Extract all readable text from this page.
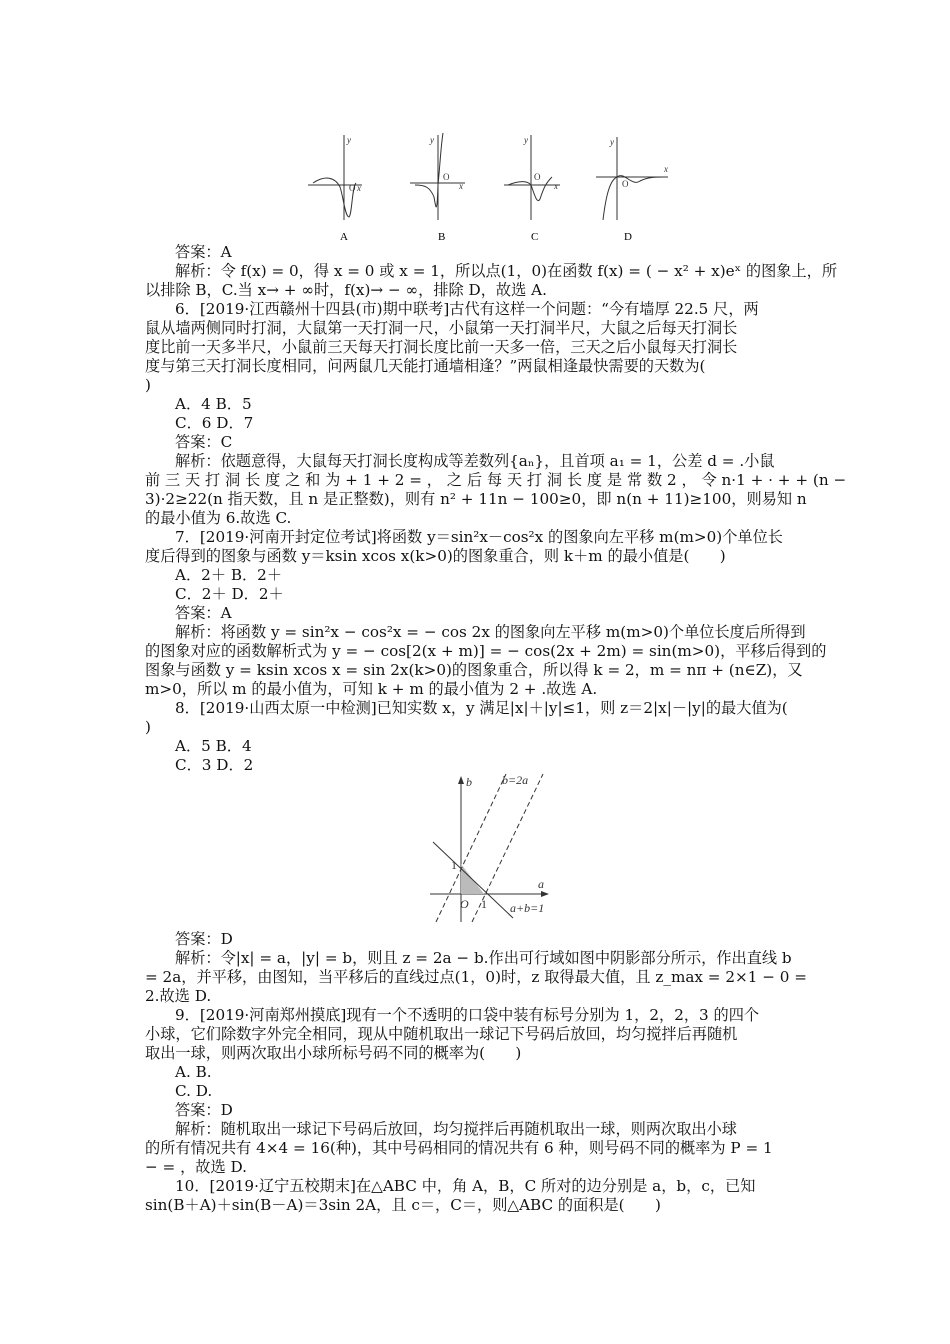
O x
y
O
x
y
O
x
y
O
x
y
A	B	C	D
答案：A
解析：令 f(x) = 0，得 x = 0 或 x = 1，所以点(1，0)在函数 f(x) = ( − x² + x)eˣ 的图象上，所
以排除 B，C.当 x→ + ∞时，f(x)→ − ∞，排除 D，故选 A.
6．[2019·江西赣州十四县(市)期中联考]古代有这样一个问题：“今有墙厚 22.5 尺，两
鼠从墙两侧同时打洞，大鼠第一天打洞一尺，小鼠第一天打洞半尺，大鼠之后每天打洞长
度比前一天多半尺，小鼠前三天每天打洞长度比前一天多一倍，三天之后小鼠每天打洞长
度与第三天打洞长度相同，问两鼠几天能打通墙相逢？”两鼠相逢最快需要的天数为(
)
A．4 B．5
C．6 D．7
答案：C
解析：依题意得，大鼠每天打洞长度构成等差数列{aₙ}，且首项 a₁ = 1，公差 d = .小鼠
前 三 天 打 洞 长 度 之 和 为 + 1 + 2 = ， 之 后 每 天 打 洞 长 度 是 常 数 2 ， 令 n·1 + · + + (n −
3)·2≥22(n 指天数，且 n 是正整数)，则有 n² + 11n − 100≥0，即 n(n + 11)≥100，则易知 n
的最小值为 6.故选 C.
7．[2019·河南开封定位考试]将函数 y＝sin²x－cos²x 的图象向左平移 m(m>0)个单位长
度后得到的图象与函数 y＝ksin xcos x(k>0)的图象重合，则 k＋m 的最小值是(　　)
A．2＋ B．2＋
C．2＋ D．2＋
答案：A
解析：将函数 y = sin²x − cos²x = − cos 2x 的图象向左平移 m(m>0)个单位长度后所得到
的图象对应的函数解析式为 y = − cos[2(x + m)] = − cos(2x + 2m) = sin(m>0)，平移后得到的
图象与函数 y = ksin xcos x = sin 2x(k>0)的图象重合，所以得 k = 2，m = nπ + (n∈Z)，又
m>0，所以 m 的最小值为，可知 k + m 的最小值为 2 + .故选 A.
8．[2019·山西太原一中检测]已知实数 x，y 满足|x|＋|y|≤1，则 z＝2|x|－|y|的最大值为(
)
A．5 B．4
C．3 D．2
b
a
b=2a
a+b=1
1
1
O
答案：D
解析：令|x| = a，|y| = b，则且 z = 2a − b.作出可行域如图中阴影部分所示，作出直线 b
= 2a，并平移，由图知，当平移后的直线过点(1，0)时，z 取得最大值，且 z_max = 2×1 − 0 =
2.故选 D.
9．[2019·河南郑州摸底]现有一个不透明的口袋中装有标号分别为 1，2，2，3 的四个
小球，它们除数字外完全相同，现从中随机取出一球记下号码后放回，均匀搅拌后再随机
取出一球，则两次取出小球所标号码不同的概率为(　　)
A. B.
C. D.
答案：D
解析：随机取出一球记下号码后放回，均匀搅拌后再随机取出一球，则两次取出小球
的所有情况共有 4×4 = 16(种)，其中号码相同的情况共有 6 种，则号码不同的概率为 P = 1
− = ，故选 D.
10．[2019·辽宁五校期末]在△ABC 中，角 A，B，C 所对的边分别是 a，b，c，已知
sin(B＋A)＋sin(B－A)＝3sin 2A，且 c＝，C＝，则△ABC 的面积是(　　)
